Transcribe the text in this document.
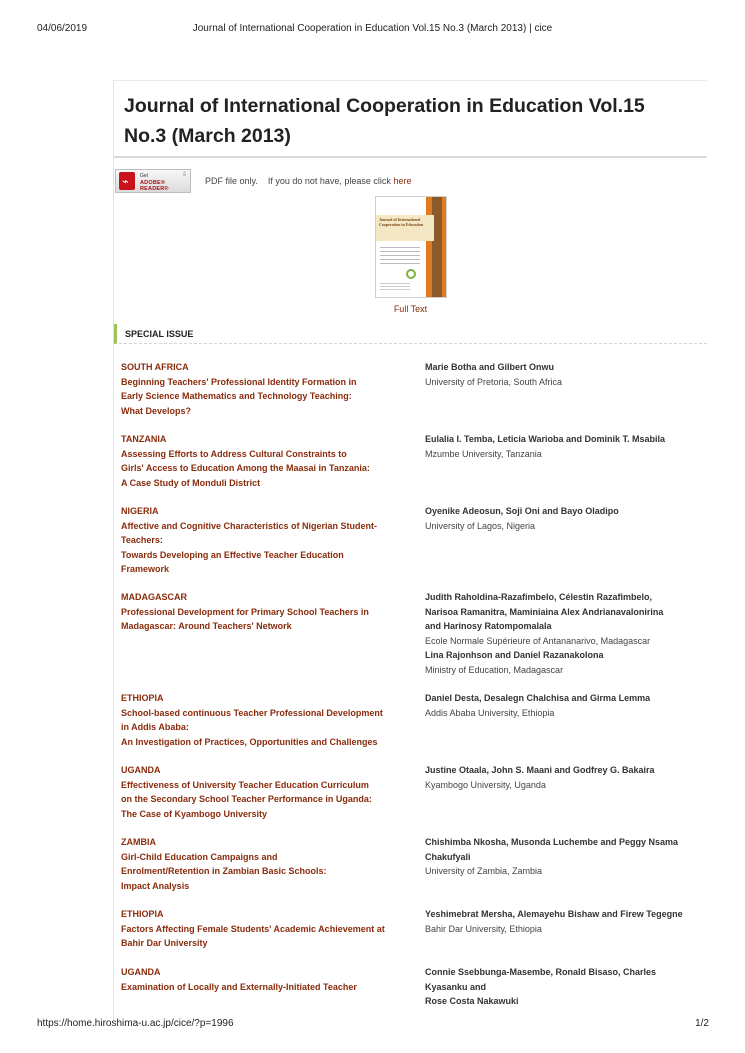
04/06/2019	Journal of International Cooperation in Education Vol.15 No.3 (March 2013) | cice
Journal of International Cooperation in Education Vol.15 No.3 (March 2013)
⌁ Get
ADOBE® READER®
⇩
PDF file only.    If you do not have, please click here
Journal of International Cooperation in Education
Full Text
SPECIAL ISSUE
SOUTH AFRICA
Beginning Teachers' Professional Identity Formation in
Early Science Mathematics and Technology Teaching:
What Develops?
Marie Botha and Gilbert Onwu
University of Pretoria, South Africa
TANZANIA
Assessing Efforts to Address Cultural Constraints to
Girls' Access to Education Among the Maasai in Tanzania:
A Case Study of Monduli District
Eulalia I. Temba, Leticia Warioba and Dominik T. Msabila
Mzumbe University, Tanzania
NIGERIA
Affective and Cognitive Characteristics of Nigerian Student-
Teachers:
Towards Developing an Effective Teacher Education
Framework
Oyenike Adeosun, Soji Oni and Bayo Oladipo
University of Lagos, Nigeria
MADAGASCAR
Professional Development for Primary School Teachers in
Madagascar: Around Teachers' Network
Judith Raholdina-Razafimbelo, Célestin Razafimbelo,
Narisoa Ramanitra, Maminiaina Alex Andrianavalonirina
and Harinosy Ratompomalala
Ecole Normale Supérieure of Antananarivo, Madagascar
Lina Rajonhson and Daniel Razanakolona
Ministry of Education, Madagascar
ETHIOPIA
School-based continuous Teacher Professional Development
in Addis Ababa:
An Investigation of Practices, Opportunities and Challenges
Daniel Desta, Desalegn Chalchisa and Girma Lemma
Addis Ababa University, Ethiopia
UGANDA
Effectiveness of University Teacher Education Curriculum
on the Secondary School Teacher Performance in Uganda:
The Case of Kyambogo University
Justine Otaala, John S. Maani and Godfrey G. Bakaira
Kyambogo University, Uganda
ZAMBIA
Girl-Child Education Campaigns and
Enrolment/Retention in Zambian Basic Schools:
Impact Analysis
Chishimba Nkosha, Musonda Luchembe and Peggy Nsama
Chakufyali
University of Zambia, Zambia
ETHIOPIA
Factors Affecting Female Students' Academic Achievement at
Bahir Dar University
Yeshimebrat Mersha, Alemayehu Bishaw and Firew Tegegne
Bahir Dar University, Ethiopia
UGANDA
Examination of Locally and Externally-Initiated Teacher
Connie Ssebbunga-Masembe, Ronald Bisaso, Charles
Kyasanku and
Rose Costa Nakawuki
https://home.hiroshima-u.ac.jp/cice/?p=1996	1/2
